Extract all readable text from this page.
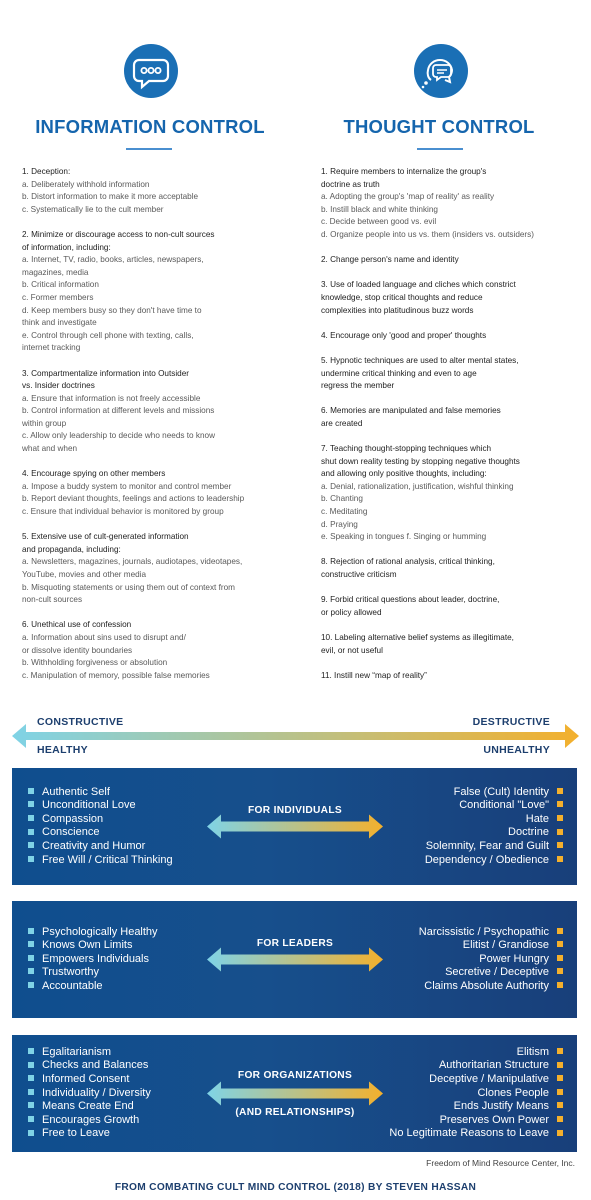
INFORMATION CONTROL
1. Deception:
a. Deliberately withhold information
b. Distort information to make it more acceptable
c. Systematically lie to the cult member
2. Minimize or discourage access to non-cult sources
of information, including:
a. Internet, TV, radio, books, articles, newspapers,
magazines, media
b. Critical information
c. Former members
d. Keep members busy so they don't have time to
think and investigate
e. Control through cell phone with texting, calls,
internet tracking
3. Compartmentalize information into Outsider
vs. Insider doctrines
a. Ensure that information is not freely accessible
b. Control information at different levels and missions
within group
c. Allow only leadership to decide who needs to know
what and when
4. Encourage spying on other members
a. Impose a buddy system to monitor and control member
b. Report deviant thoughts, feelings and actions to leadership
c. Ensure that individual behavior is monitored by group
5. Extensive use of cult-generated information
and propaganda, including:
a. Newsletters, magazines, journals, audiotapes, videotapes,
YouTube, movies and other media
b. Misquoting statements or using them out of context from
non-cult sources
6. Unethical use of confession
a. Information about sins used to disrupt and/
or dissolve identity boundaries
b. Withholding forgiveness or absolution
c. Manipulation of memory, possible false memories
THOUGHT CONTROL
1. Require members to internalize the group's
doctrine as truth
a. Adopting the group's 'map of reality' as reality
b. Instill black and white thinking
c. Decide between good vs. evil
d. Organize people into us vs. them (insiders vs. outsiders)
2. Change person's name and identity
3. Use of loaded language and cliches which constrict
knowledge, stop critical thoughts and reduce
complexities into platitudinous buzz words
4. Encourage only 'good and proper' thoughts
5. Hypnotic techniques are used to alter mental states,
undermine critical thinking and even to age
regress the member
6. Memories are manipulated and false memories
are created
7. Teaching thought-stopping techniques which
shut down reality testing by stopping negative thoughts
and allowing only positive thoughts, including:
a. Denial, rationalization, justification, wishful thinking
b. Chanting
c. Meditating
d. Praying
e. Speaking in tongues f. Singing or humming
8. Rejection of rational analysis, critical thinking,
constructive criticism
9. Forbid critical questions about leader, doctrine,
or policy allowed
10. Labeling alternative belief systems as illegitimate,
evil, or not useful
11. Instill new “map of reality”
CONSTRUCTIVE
HEALTHY
DESTRUCTIVE
UNHEALTHY
Authentic Self
Unconditional Love
Compassion
Conscience
Creativity and Humor
Free Will / Critical Thinking
False (Cult) Identity
Conditional "Love"
Hate
Doctrine
Solemnity, Fear and Guilt
Dependency / Obedience
FOR INDIVIDUALS
Psychologically Healthy
Knows Own Limits
Empowers Individuals
Trustworthy
Accountable
Narcissistic / Psychopathic
Elitist / Grandiose
Power Hungry
Secretive / Deceptive
Claims Absolute Authority
FOR LEADERS
Egalitarianism
Checks and Balances
Informed Consent
Individuality / Diversity
Means Create End
Encourages Growth
Free to Leave
Elitism
Authoritarian Structure
Deceptive / Manipulative
Clones People
Ends Justify Means
Preserves Own Power
No Legitimate Reasons to Leave
FOR ORGANIZATIONS
(AND RELATIONSHIPS)
Freedom of Mind Resource Center, Inc.
FROM COMBATING CULT MIND CONTROL (2018) BY STEVEN HASSAN
